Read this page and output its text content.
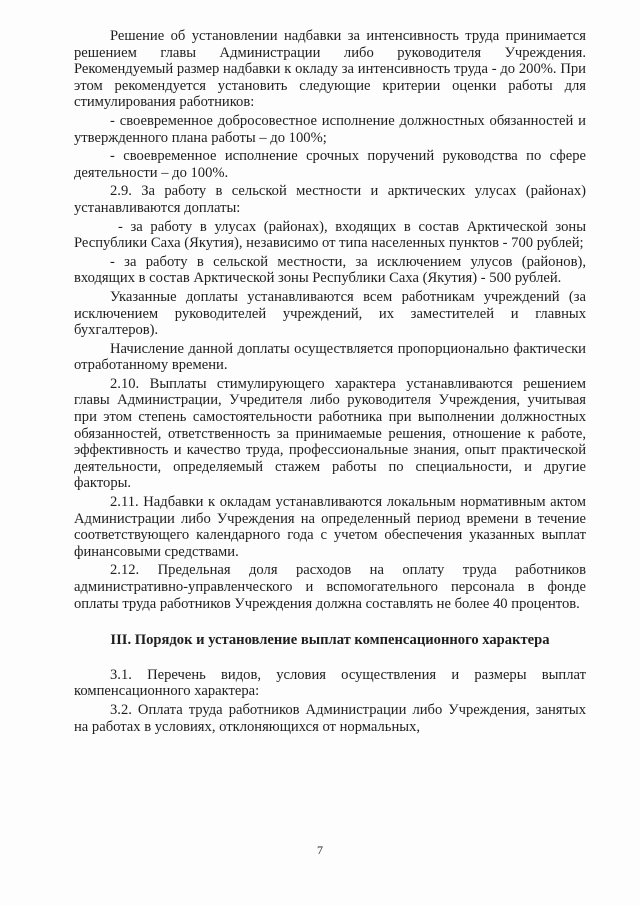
Решение об установлении надбавки за интенсивность труда принимается решением главы Администрации либо руководителя Учреждения. Рекомендуемый размер надбавки к окладу за интенсивность труда - до 200%. При этом рекомендуется установить следующие критерии оценки работы для стимулирования работников:

- своевременное добросовестное исполнение должностных обязанностей и утвержденного плана работы – до 100%;

- своевременное исполнение срочных поручений руководства по сфере деятельности – до 100%.

2.9. За работу в сельской местности и арктических улусах (районах) устанавливаются доплаты:

- за работу в улусах (районах), входящих в состав Арктической зоны Республики Саха (Якутия), независимо от типа населенных пунктов - 700 рублей;

- за работу в сельской местности, за исключением улусов (районов), входящих в состав Арктической зоны Республики Саха (Якутия) - 500 рублей.

Указанные доплаты устанавливаются всем работникам учреждений (за исключением руководителей учреждений, их заместителей и главных бухгалтеров).

Начисление данной доплаты осуществляется пропорционально фактически отработанному времени.

2.10. Выплаты стимулирующего характера устанавливаются решением главы Администрации, Учредителя либо руководителя Учреждения, учитывая при этом степень самостоятельности работника при выполнении должностных обязанностей, ответственность за принимаемые решения, отношение к работе, эффективность и качество труда, профессиональные знания, опыт практической деятельности, определяемый стажем работы по специальности, и другие факторы.

2.11. Надбавки к окладам устанавливаются локальным нормативным актом Администрации либо Учреждения на определенный период времени в течение соответствующего календарного года с учетом обеспечения указанных выплат финансовыми средствами.

2.12. Предельная доля расходов на оплату труда работников административно-управленческого и вспомогательного персонала в фонде оплаты труда работников Учреждения должна составлять не более 40 процентов.

III. Порядок и установление выплат компенсационного характера

3.1. Перечень видов, условия осуществления и размеры выплат компенсационного характера:

3.2. Оплата труда работников Администрации либо Учреждения, занятых на работах в условиях, отклоняющихся от нормальных,

7
